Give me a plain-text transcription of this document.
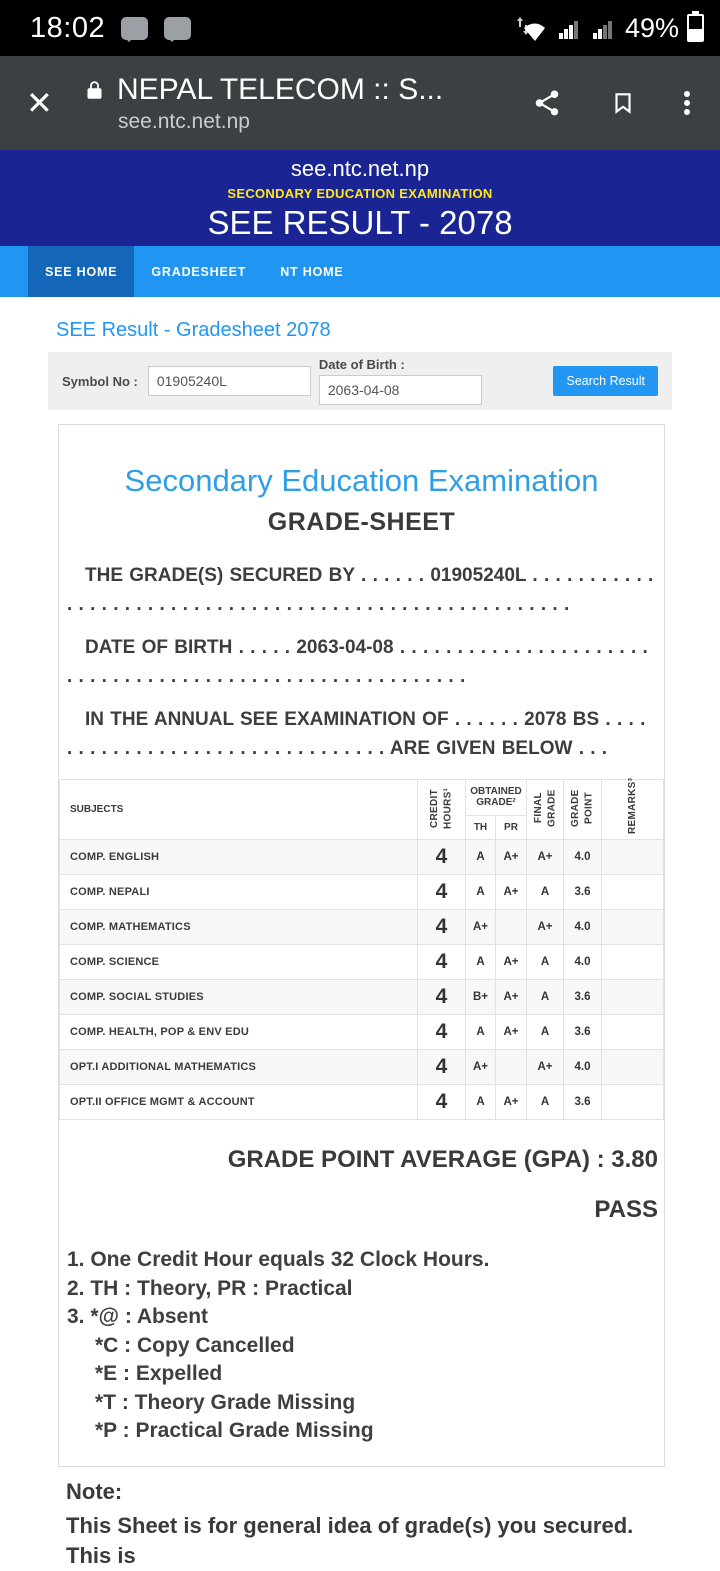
18:02	49%
✕	NEPAL TELECOM :: S...
see.ntc.net.np
see.ntc.net.np
SECONDARY EDUCATION EXAMINATION
SEE RESULT - 2078
SEE HOME	GRADESHEET	NT HOME
SEE Result - Gradesheet 2078
Symbol No :
01905240L
Date of Birth :
2063-04-08
Search Result
Secondary Education Examination
GRADE-SHEET

THE GRADE(S) SECURED BY . . . . . . 01905240L . . . . . . . . . . . . . . . . . . . . . . . . . . . . . . . . . . . . . . . . . . . . . . . . . . . . . . .

DATE OF BIRTH . . . . . 2063-04-08 . . . . . . . . . . . . . . . . . . . . . . . . . . . . . . . . . . . . . . . . . . . . . . . . . . . . . . . . .

IN THE ANNUAL SEE EXAMINATION OF . . . . . . 2078 BS . . . . . . . . . . . . . . . . . . . . . . . . . . . . . . . . ARE GIVEN BELOW . . .

SUBJECTS	CREDIT HOURS¹	OBTAINED GRADE²		FINAL GRADE	GRADE POINT	REMARKS³
		TH	PR			
COMP. ENGLISH	4	A	A+	A+	4.0	
COMP. NEPALI	4	A	A+	A	3.6	
COMP. MATHEMATICS	4	A+		A+	4.0	
COMP. SCIENCE	4	A	A+	A	4.0	
COMP. SOCIAL STUDIES	4	B+	A+	A	3.6	
COMP. HEALTH, POP & ENV EDU	4	A	A+	A	3.6	
OPT.I ADDITIONAL MATHEMATICS	4	A+		A+	4.0	
OPT.II OFFICE MGMT & ACCOUNT	4	A	A+	A	3.6	
GRADE POINT AVERAGE (GPA) : 3.80
PASS
1. One Credit Hour equals 32 Clock Hours.
2. TH : Theory, PR : Practical
3. *@ : Absent
*C : Copy Cancelled
*E : Expelled
*T : Theory Grade Missing
*P : Practical Grade Missing
Note:
This Sheet is for general idea of grade(s) you secured. This is
